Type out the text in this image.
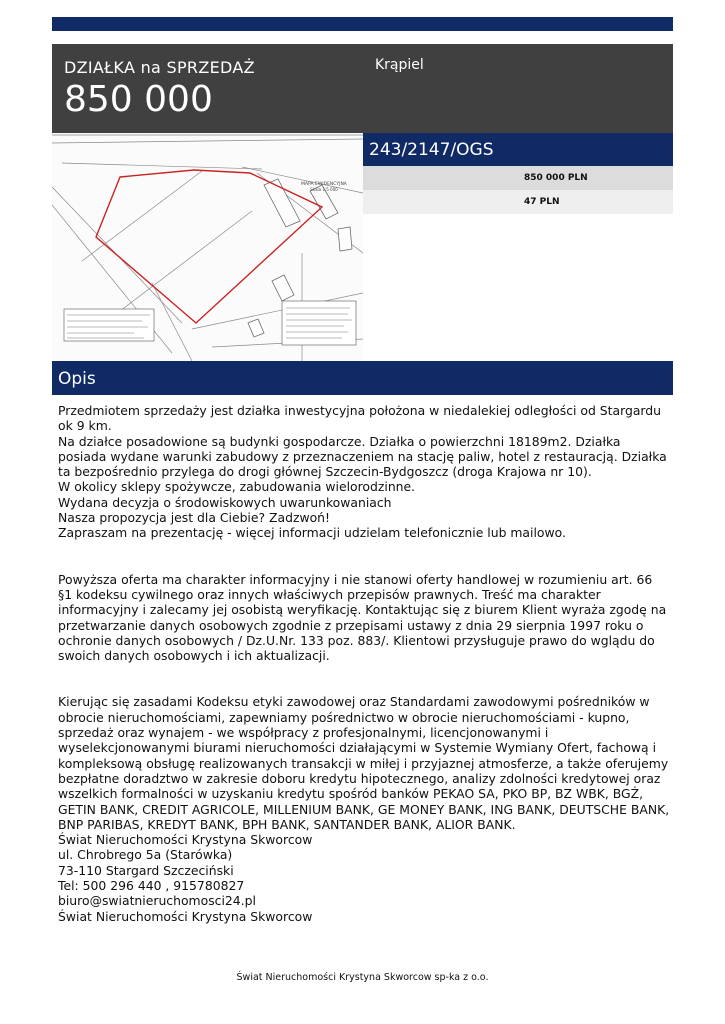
DZIAŁKA na SPRZEDAŻ
850 000
Krąpiel
MAPA EWIDENCYJNA
Skala 1:5 000
243/2147/OGS
850 000 PLN
47 PLN
Opis

Przedmiotem sprzedaży jest działka inwestycyjna położona w niedalekiej odległości od Stargardu ok 9 km.
Na działce posadowione są budynki gospodarcze. Działka o powierzchni 18189m2. Działka posiada wydane warunki zabudowy z przeznaczeniem na stację paliw, hotel z restauracją. Działka ta bezpośrednio przylega do drogi głównej Szczecin-Bydgoszcz (droga Krajowa nr 10).
W okolicy sklepy spożywcze, zabudowania wielorodzinne.
Wydana decyzja o środowiskowych uwarunkowaniach
Nasza propozycja jest dla Ciebie? Zadzwoń!
Zapraszam na prezentację - więcej informacji udzielam telefonicznie lub mailowo.

Powyższa oferta ma charakter informacyjny i nie stanowi oferty handlowej w rozumieniu art. 66 §1 kodeksu cywilnego oraz innych właściwych przepisów prawnych. Treść ma charakter informacyjny i zalecamy jej osobistą weryfikację. Kontaktując się z biurem Klient wyraża zgodę na przetwarzanie danych osobowych zgodnie z przepisami ustawy z dnia 29 sierpnia 1997 roku o ochronie danych osobowych / Dz.U.Nr. 133 poz. 883/. Klientowi przysługuje prawo do wglądu do swoich danych osobowych i ich aktualizacji.

Kierując się zasadami Kodeksu etyki zawodowej oraz Standardami zawodowymi pośredników w obrocie nieruchomościami, zapewniamy pośrednictwo w obrocie nieruchomościami - kupno, sprzedaż oraz wynajem - we współpracy z profesjonalnymi, licencjonowanymi i wyselekcjonowanymi biurami nieruchomości działającymi w Systemie Wymiany Ofert, fachową i kompleksową obsługę realizowanych transakcji w miłej i przyjaznej atmosferze, a także oferujemy bezpłatne doradztwo w zakresie doboru kredytu hipotecznego, analizy zdolności kredytowej oraz wszelkich formalności w uzyskaniu kredytu spośród banków PEKAO SA, PKO BP, BZ WBK, BGŻ, GETIN BANK, CREDIT AGRICOLE, MILLENIUM BANK, GE MONEY BANK, ING BANK, DEUTSCHE BANK, BNP PARIBAS, KREDYT BANK, BPH BANK, SANTANDER BANK, ALIOR BANK.
Świat Nieruchomości Krystyna Skworcow
ul. Chrobrego 5a (Starówka)
73-110 Stargard Szczeciński
Tel: 500 296 440 , 915780827
biuro@swiatnieruchomosci24.pl
Świat Nieruchomości Krystyna Skworcow

Świat Nieruchomości Krystyna Skworcow sp-ka z o.o.
